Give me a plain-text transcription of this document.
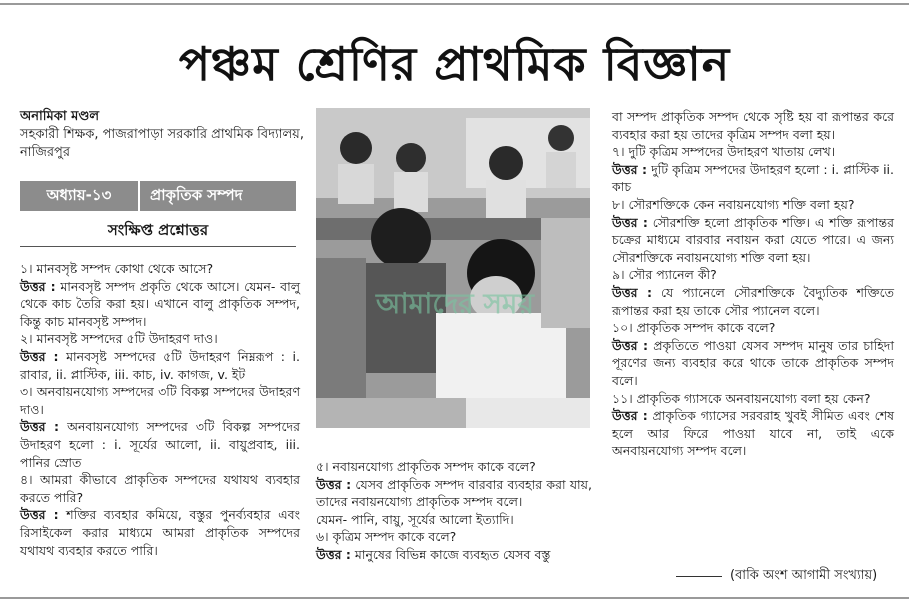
পঞ্চম শ্রেণির প্রাথমিক বিজ্ঞান
অনামিকা মণ্ডল
সহকারী শিক্ষক, পাজরাপাড়া সরকারি প্রাথমিক বিদ্যালয়, নাজিরপুর
অধ্যায়-১৩	প্রাকৃতিক সম্পদ
সংক্ষিপ্ত প্রশ্নোত্তর

১। মানবসৃষ্ট সম্পদ কোথা থেকে আসে?

উত্তর : মানবসৃষ্ট সম্পদ প্রকৃতি থেকে আসে। যেমন- বালু থেকে কাচ তৈরি করা হয়। এখানে বালু প্রাকৃতিক সম্পদ, কিন্তু কাচ মানবসৃষ্ট সম্পদ।

২। মানবসৃষ্ট সম্পদের ৫টি উদাহরণ দাও।

উত্তর : মানবসৃষ্ট সম্পদের ৫টি উদাহরণ নিম্নরূপ : i. রাবার, ii. প্লাস্টিক, iii. কাচ, iv. কাগজ, v. ইট

৩। অনবায়নযোগ্য সম্পদের ৩টি বিকল্প সম্পদের উদাহরণ দাও।

উত্তর : অনবায়নযোগ্য সম্পদের ৩টি বিকল্প সম্পদের উদাহরণ হলো : i. সূর্যের আলো, ii. বায়ুপ্রবাহ, iii. পানির স্রোত

৪। আমরা কীভাবে প্রাকৃতিক সম্পদের যথাযথ ব্যবহার করতে পারি?

উত্তর : শক্তির ব্যবহার কমিয়ে, বস্তুর পুনর্ব্যবহার এবং রিসাইকেল করার মাধ্যমে আমরা প্রাকৃতিক সম্পদের যথাযথ ব্যবহার করতে পারি।

আমাদের সময়

৫। নবায়নযোগ্য প্রাকৃতিক সম্পদ কাকে বলে?

উত্তর : যেসব প্রাকৃতিক সম্পদ বারবার ব্যবহার করা যায়, তাদের নবায়নযোগ্য প্রাকৃতিক সম্পদ বলে।

যেমন- পানি, বায়ু, সূর্যের আলো ইত্যাদি।

৬। কৃত্রিম সম্পদ কাকে বলে?

উত্তর : মানুষের বিভিন্ন কাজে ব্যবহৃত যেসব বস্তু

বা সম্পদ প্রাকৃতিক সম্পদ থেকে সৃষ্টি হয় বা রূপান্তর করে ব্যবহার করা হয় তাদের কৃত্রিম সম্পদ বলা হয়।

৭। দুটি কৃত্রিম সম্পদের উদাহরণ খাতায় লেখ।

উত্তর : দুটি কৃত্রিম সম্পদের উদাহরণ হলো : i. প্লাস্টিক ii. কাচ

৮। সৌরশক্তিকে কেন নবায়নযোগ্য শক্তি বলা হয়?

উত্তর : সৌরশক্তি হলো প্রাকৃতিক শক্তি। এ শক্তি রূপান্তর চক্রের মাধ্যমে বারবার নবায়ন করা যেতে পারে। এ জন্য সৌরশক্তিকে নবায়নযোগ্য শক্তি বলা হয়।

৯। সৌর প্যানেল কী?

উত্তর : যে প্যানেলে সৌরশক্তিকে বৈদ্যুতিক শক্তিতে রূপান্তর করা হয় তাকে সৌর প্যানেল বলে।

১০। প্রাকৃতিক সম্পদ কাকে বলে?

উত্তর : প্রকৃতিতে পাওয়া যেসব সম্পদ মানুষ তার চাহিদা পূরণের জন্য ব্যবহার করে থাকে তাকে প্রাকৃতিক সম্পদ বলে।

১১। প্রাকৃতিক গ্যাসকে অনবায়নযোগ্য বলা হয় কেন?

উত্তর : প্রাকৃতিক গ্যাসের সরবরাহ খুবই সীমিত এবং শেষ হলে আর ফিরে পাওয়া যাবে না, তাই একে অনবায়নযোগ্য সম্পদ বলে।

(বাকি অংশ আগামী সংখ্যায়)
